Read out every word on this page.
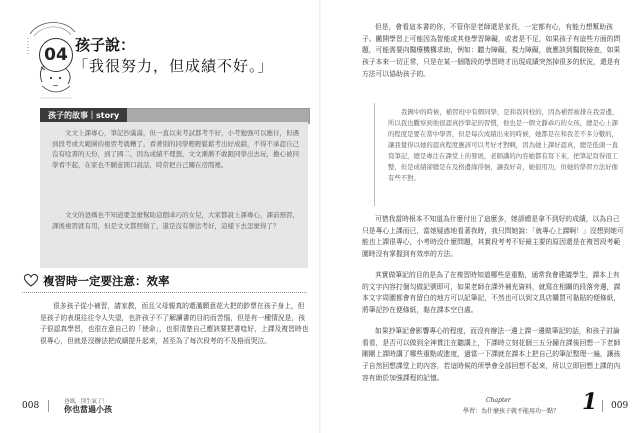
04 孩子說：
「我很努力，但成績不好。」
孩子的故事｜story

文文上課專心，筆記抄滿滿，但一直以來考試都考不好，小考勉強可以應付，但遇到段考或大範圍的複習考就糟了。看著別的同學輕輕鬆鬆考出好成績，不得不承認自己沒有唸書的天份，到了國二，因為成績不理想，文文漸漸不敢跟同學出去玩，擔心被同學看不起，在家也不願意開口說話，時常把自己關在房間裡。

文文的爸媽也不知道要怎麼幫助這個乖巧的女兒，大家都說上課專心，課前預習，課後複習就有用，但是文文都照做了，還是沒有辦法考好，這樣下去怎麼得了？

複習時一定要注意：效率

很多孩子從小補習，請家教，而且父母親真的還滿願意花大把的鈔票在孩子身上，但是孩子的表現往往令人失望，也許孩子不了解讀書的目的而苦惱，但是有一種情況是，孩子很認真學習，也很在意自己的「使命」，也很清楚自己應該要把書唸好，上課及複習時也很專心，但就是沒辦法把成績提升起來，甚至為了每次段考的不及格而哭泣。

008	爸媽，別生氣了！
你也當過小孩

但是，會看這本書的你，不管你是老師還是家長，一定都有心，有能力想幫助孩子。撇開學習上可能因為智能或其他學習障礙，或者是不足，如果孩子有這些方面的問題，可能需要向醫療機構求助，例如：聽力障礙，視力障礙，就應該到醫院檢查，如果孩子本來一切正常，只是在某一個階段的學習時才出現成績突然掉很多的狀況，還是有方法可以協助孩子的。

可惜我當時根本不知道為什麼付出了這麼多，她卻總是拿不到好的成績，以為自己只是專心上課而已，當她疑惑地看著我時，我只問她說：「就專心上課啊！」沒想到她可能也上課很專心，小考時沒什麼問題，其實段考考不好最主要的原因還是在複習段考範圍時沒有掌握到有效率的方法。

其實做筆記的目的是為了在複習時知道哪些是重點，通常我會建議學生，課本上有的文字內容打個勾做記號即可，如果老師在課外補充資料，就寫在相關的段落旁邊，課本文字周圍都會有留白的地方可以記筆記，不然也可以到文具店購買可黏貼的便條紙，將筆記抄在便條紙，黏在課本空白處。

如果抄筆記會影響專心的程度，而沒有辦法一邊上課一邊做筆記的話，和孩子討論看看，是否可以做到全神貫注在聽講上，下課時立刻花個三五分鐘在課後回想一下老師剛剛上課時講了哪些重點或進度，過當一下課就在課本上把自己的筆記整理一遍，讓孩子自然回想課堂上的內容，若這時候的所學會全部回想不起來，所以立即回想上課的內容有助於加強課程的記憶。

我國中的時候，補習班中有個同學，是和我同校的，因為補習被排在我旁邊，所以我也觀察到他很認真抄筆記的習慣，他也是一個文靜乖巧的女孩，總是心上課的程度是要在當中學習，但是每次成績出來的時候，她都是在和我差不多分數的，讓我覺得以她的認真程度應該可以考好才對啊，因為她上課好認真，總是低頭一直寫筆記，總是專注在課堂上的發展，老師講的內容她都有寫下來，把筆記寫得很工整，但是成績卻總是在及格邊緣徘徊，讓我好奇，她很用功，但她的學習方法好像有些不對。

Chapter	1
學習：為什麼孩子就不能用功一點？
009
